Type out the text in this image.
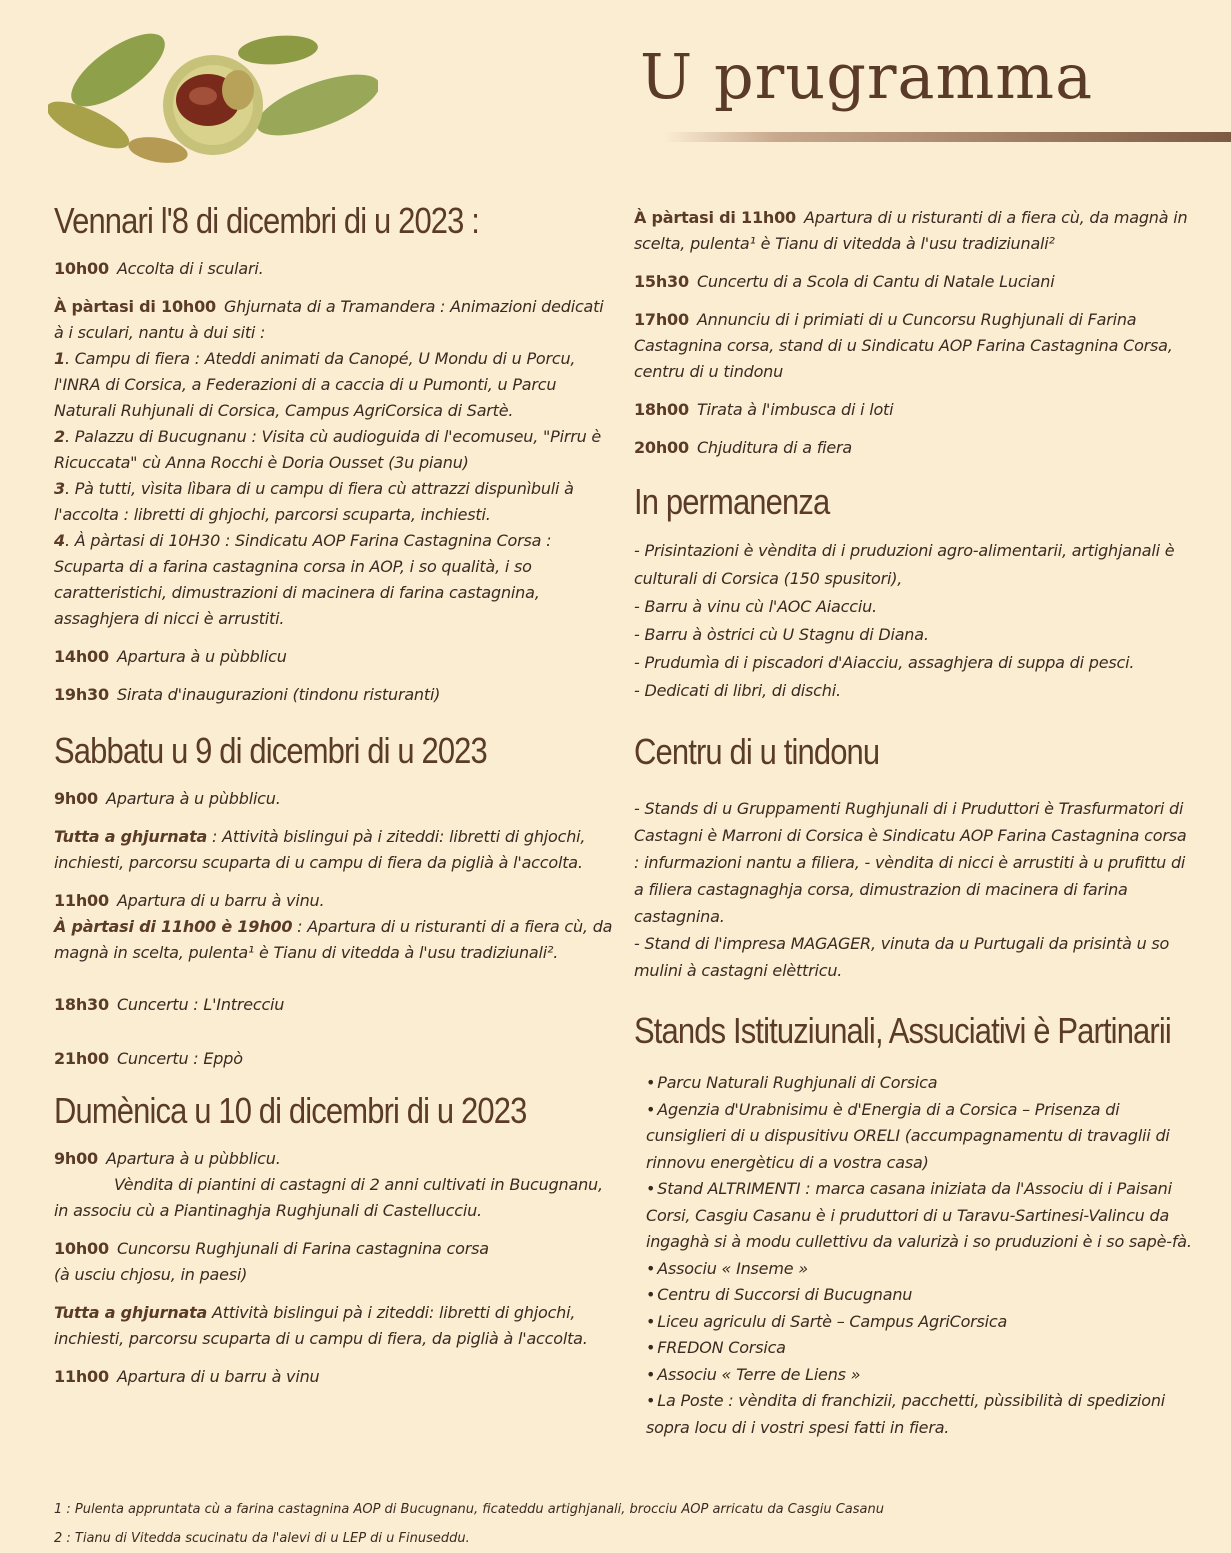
U prugramma
Vennari l'8 di dicembri di u 2023 :
10h00 Accolta di i sculari.
À pàrtasi di 10h00 Ghjurnata di a Tramandera : Animazioni dedicati à i sculari, nantu à dui siti :
1. Campu di fiera : Ateddi animati da Canopé, U Mondu di u Porcu, l'INRA di Corsica, a Federazioni di a caccia di u Pumonti, u Parcu Naturali Ruhjunali di Corsica, Campus AgriCorsica di Sartè.
2. Palazzu di Bucugnanu : Visita cù audioguida di l'ecomuseu, "Pirru è Ricuccata" cù Anna Rocchi è Doria Ousset (3u pianu)
3. Pà tutti, vìsita lìbara di u campu di fiera cù attrazzi dispunìbuli à l'accolta : libretti di ghjochi, parcorsi scuparta, inchiesti.
4. À pàrtasi di 10H30 : Sindicatu AOP Farina Castagnina Corsa : Scuparta di a farina castagnina corsa in AOP, i so qualità, i so caratteristichi, dimustrazioni di macinera di farina castagnina, assaghjera di nicci è arrustiti.
14h00 Apartura à u pùbblicu
19h30 Sirata d'inaugurazioni (tindonu risturanti)
Sabbatu u 9 di dicembri di u 2023
9h00 Apartura à u pùbblicu.
Tutta a ghjurnata : Attività bislingui pà i ziteddi: libretti di ghjochi, inchiesti, parcorsu scuparta di u campu di fiera da piglià à l'accolta.
11h00 Apartura di u barru à vinu.
À pàrtasi di 11h00 è 19h00 : Apartura di u risturanti di a fiera cù, da magnà in scelta, pulenta¹ è Tianu di vitedda à l'usu tradiziunali².
18h30 Cuncertu : L'Intrecciu
21h00 Cuncertu : Eppò
Dumènica u 10 di dicembri di u 2023
9h00 Apartura à u pùbblicu.
Vèndita di piantini di castagni di 2 anni cultivati in Bucugnanu, in associu cù a Piantinaghja Rughjunali di Castellucciu.
10h00 Cuncorsu Rughjunali di Farina castagnina corsa
(à usciu chjosu, in paesi)
Tutta a ghjurnata Attività bislingui pà i ziteddi: libretti di ghjochi, inchiesti, parcorsu scuparta di u campu di fiera, da piglià à l'accolta.
11h00 Apartura di u barru à vinu
À pàrtasi di 11h00 Apartura di u risturanti di a fiera cù, da magnà in scelta, pulenta¹ è Tianu di vitedda à l'usu tradiziunali²
15h30 Cuncertu di a Scola di Cantu di Natale Luciani
17h00 Annunciu di i primiati di u Cuncorsu Rughjunali di Farina Castagnina corsa, stand di u Sindicatu AOP Farina Castagnina Corsa, centru di u tindonu
18h00 Tirata à l'imbusca di i loti
20h00 Chjuditura di a fiera
In permanenza
- Prisintazioni è vèndita di i pruduzioni agro-alimentarii, artighjanali è culturali di Corsica (150 spusitori),
- Barru à vinu cù l'AOC Aiacciu.
- Barru à òstrici cù U Stagnu di Diana.
- Prudumìa di i piscadori d'Aiacciu, assaghjera di suppa di pesci.
- Dedicati di libri, di dischi.
Centru di u tindonu
- Stands di u Gruppamenti Rughjunali di i Pruduttori è Trasfurmatori di Castagni è Marroni di Corsica è Sindicatu AOP Farina Castagnina corsa : infurmazioni nantu a filiera, - vèndita di nicci è arrustiti à u prufittu di a filiera castagnaghja corsa, dimustrazion di macinera di farina castagnina.
- Stand di l'impresa MAGAGER, vinuta da u Purtugali da prisintà u so mulini à castagni elèttricu.
Stands Istituziunali, Assuciativi è Partinarii
• Parcu Naturali Rughjunali di Corsica
• Agenzia d'Urabnisimu è d'Energia di a Corsica – Prisenza di cunsiglieri di u dispusitivu ORELI (accumpagnamentu di travaglii di rinnovu energèticu di a vostra casa)
• Stand ALTRIMENTI : marca casana iniziata da l'Associu di i Paisani Corsi, Casgiu Casanu è i pruduttori di u Taravu-Sartinesi-Valincu da ingaghà si à modu cullettivu da valurizà i so pruduzioni è i so sapè-fà.
• Associu « Inseme »
• Centru di Succorsi di Bucugnanu
• Liceu agriculu di Sartè – Campus AgriCorsica
• FREDON Corsica
• Associu « Terre de Liens »
• La Poste : vèndita di franchizii, pacchetti, pùssibilità di spedizioni sopra locu di i vostri spesi fatti in fiera.
1 : Pulenta appruntata cù a farina castagnina AOP di Bucugnanu, ficateddu artighjanali, brocciu AOP arricatu da Casgiu Casanu
2 : Tianu di Vitedda scucinatu da l'alevi di u LEP di u Finuseddu.
